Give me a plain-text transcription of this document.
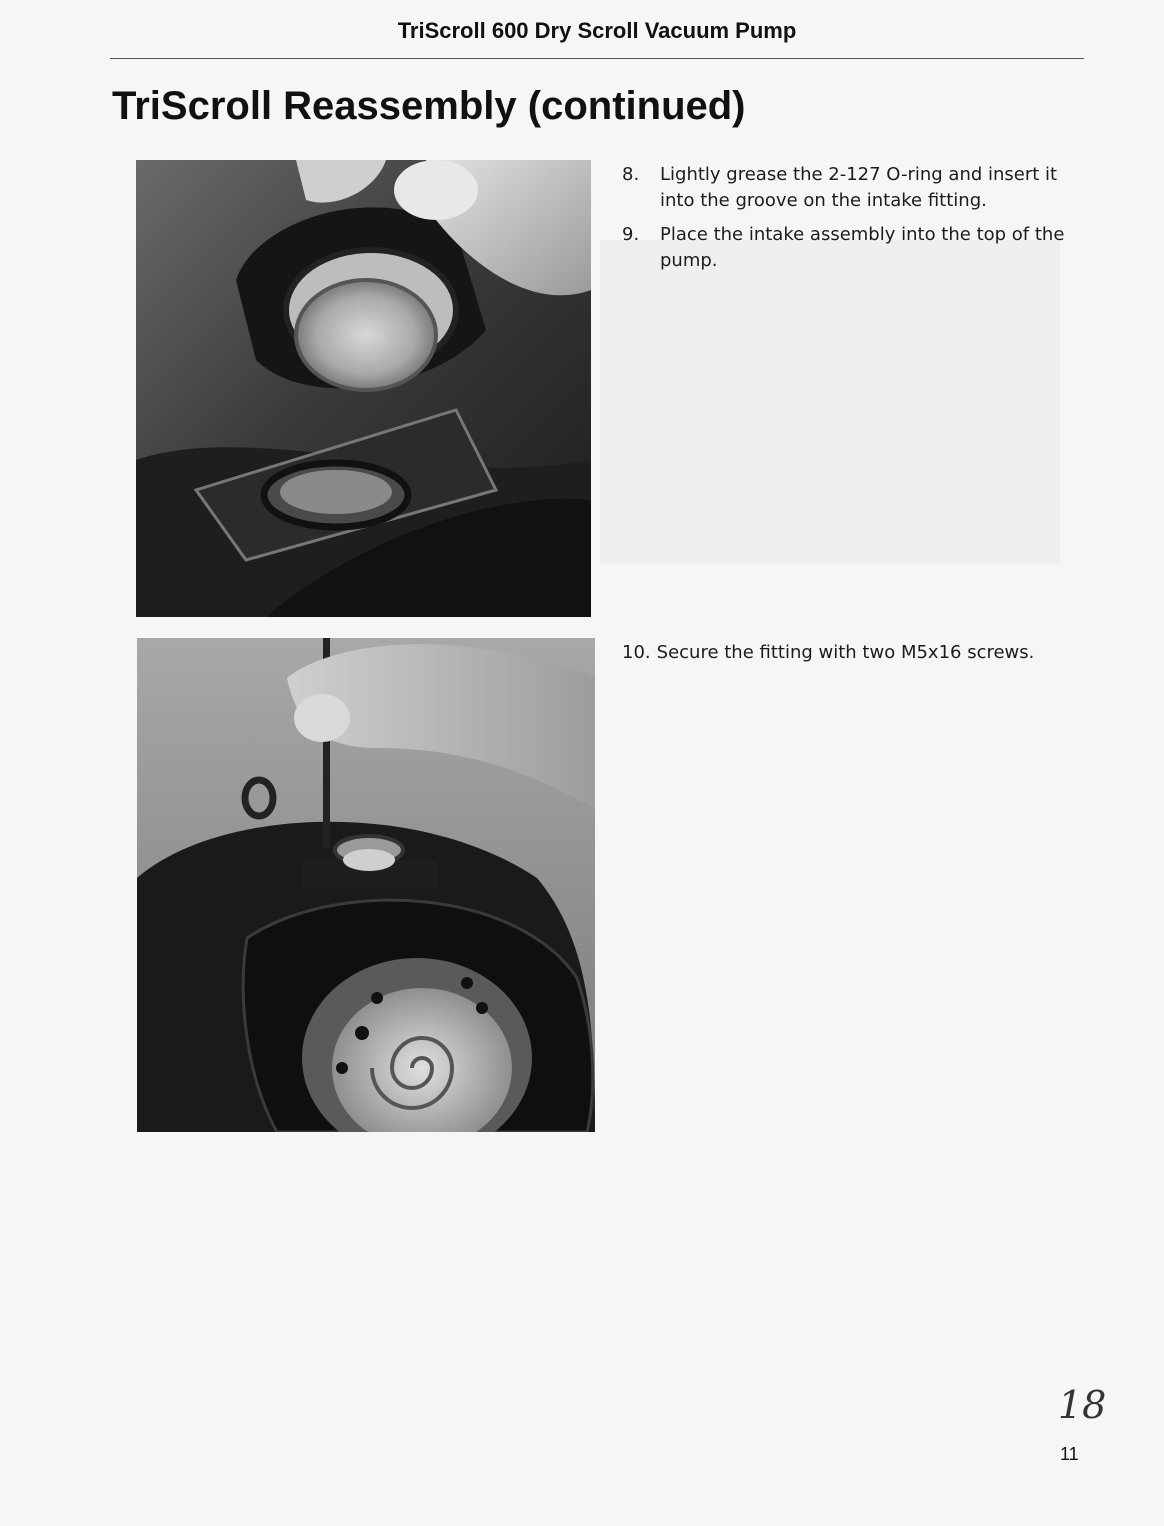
TriScroll 600 Dry Scroll Vacuum Pump
TriScroll Reassembly (continued)
8.	Lightly grease the 2-127 O-ring and insert it into the groove on the intake fitting.
9.	Place the intake assembly into the top of the pump.
10. Secure the fitting with two M5x16 screws.
18
11
